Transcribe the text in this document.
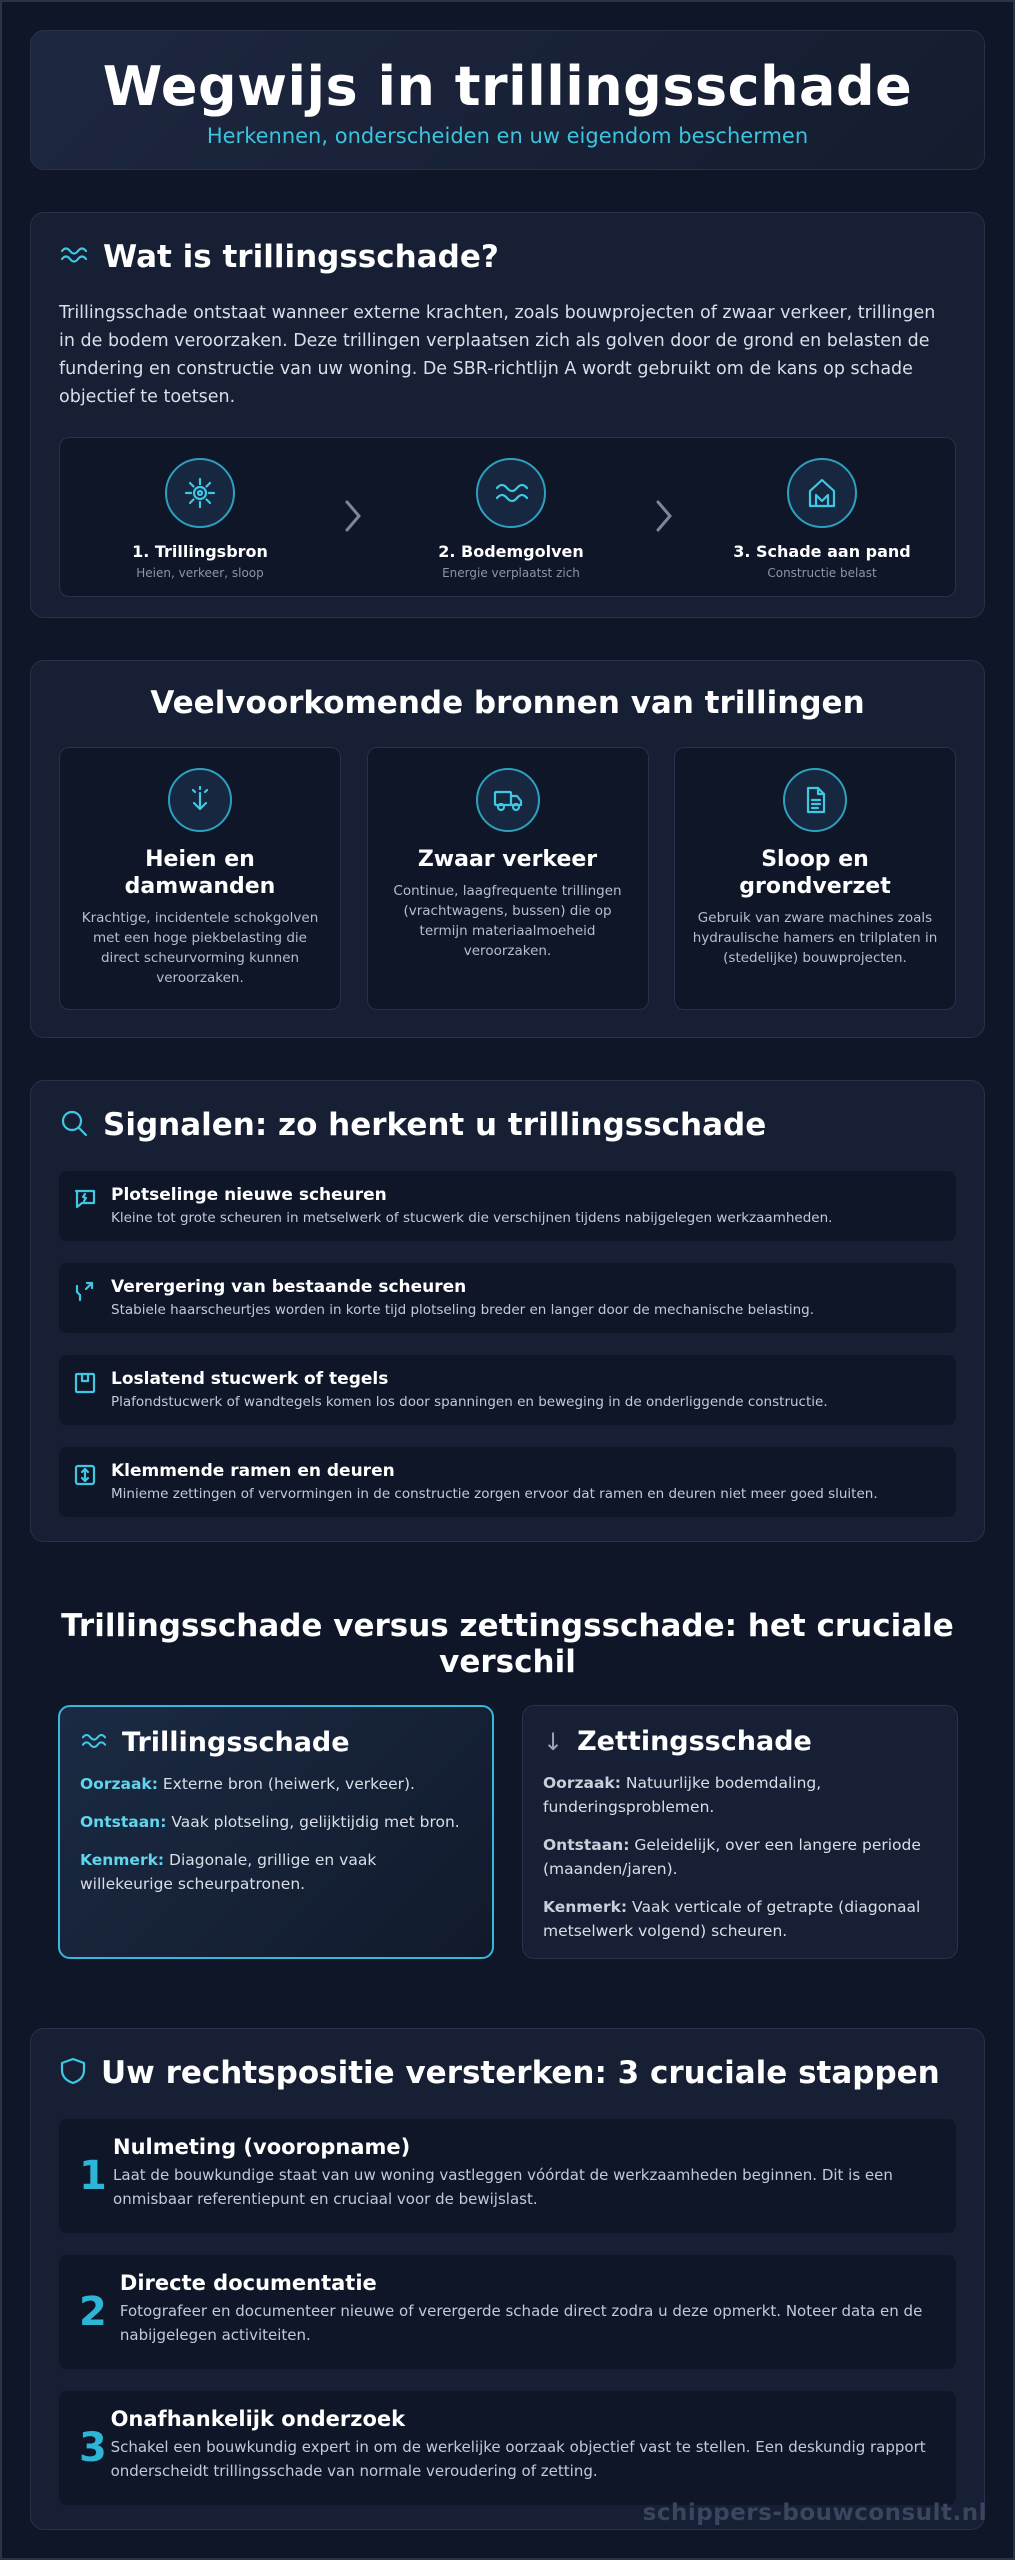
Wegwijs in trillingsschade

Herkennen, onderscheiden en uw eigendom beschermen

Wat is trillingsschade?

Trillingsschade ontstaat wanneer externe krachten, zoals bouwprojecten of zwaar verkeer, trillingen in de bodem veroorzaken. Deze trillingen verplaatsen zich als golven door de grond en belasten de fundering en constructie van uw woning. De SBR-richtlijn A wordt gebruikt om de kans op schade objectief te toetsen.

1. Trillingsbron
Heien, verkeer, sloop
2. Bodemgolven
Energie verplaatst zich
3. Schade aan pand
Constructie belast
Veelvoorkomende bronnen van trillingen
Heien en damwanden

Krachtige, incidentele schokgolven met een hoge piekbelasting die direct scheurvorming kunnen veroorzaken.

Zwaar verkeer

Continue, laagfrequente trillingen (vrachtwagens, bussen) die op termijn materiaalmoeheid veroorzaken.

Sloop en grondverzet

Gebruik van zware machines zoals hydraulische hamers en trilplaten in (stedelijke) bouwprojecten.

Signalen: zo herkent u trillingsschade
Plotselinge nieuwe scheuren
Kleine tot grote scheuren in metselwerk of stucwerk die verschijnen tijdens nabijgelegen werkzaamheden.
Verergering van bestaande scheuren
Stabiele haarscheurtjes worden in korte tijd plotseling breder en langer door de mechanische belasting.
Loslatend stucwerk of tegels
Plafondstucwerk of wandtegels komen los door spanningen en beweging in de onderliggende constructie.
Klemmende ramen en deuren
Minieme zettingen of vervormingen in de constructie zorgen ervoor dat ramen en deuren niet meer goed sluiten.
Trillingsschade versus zettingsschade: het cruciale verschil
Trillingsschade
Oorzaak: Externe bron (heiwerk, verkeer).
Ontstaan: Vaak plotseling, gelijktijdig met bron.
Kenmerk: Diagonale, grillige en vaak willekeurige scheurpatronen.
↓ Zettingsschade
Oorzaak: Natuurlijke bodemdaling, funderingsproblemen.
Ontstaan: Geleidelijk, over een langere periode (maanden/jaren).
Kenmerk: Vaak verticale of getrapte (diagonaal metselwerk volgend) scheuren.
Uw rechtspositie versterken: 3 cruciale stappen
1
Nulmeting (vooropname)
Laat de bouwkundige staat van uw woning vastleggen vóórdat de werkzaamheden beginnen. Dit is een onmisbaar referentiepunt en cruciaal voor de bewijslast.
2
Directe documentatie
Fotografeer en documenteer nieuwe of verergerde schade direct zodra u deze opmerkt. Noteer data en de nabijgelegen activiteiten.
3
Onafhankelijk onderzoek
Schakel een bouwkundig expert in om de werkelijke oorzaak objectief vast te stellen. Een deskundig rapport onderscheidt trillingsschade van normale veroudering of zetting.
schippers-bouwconsult.nl
